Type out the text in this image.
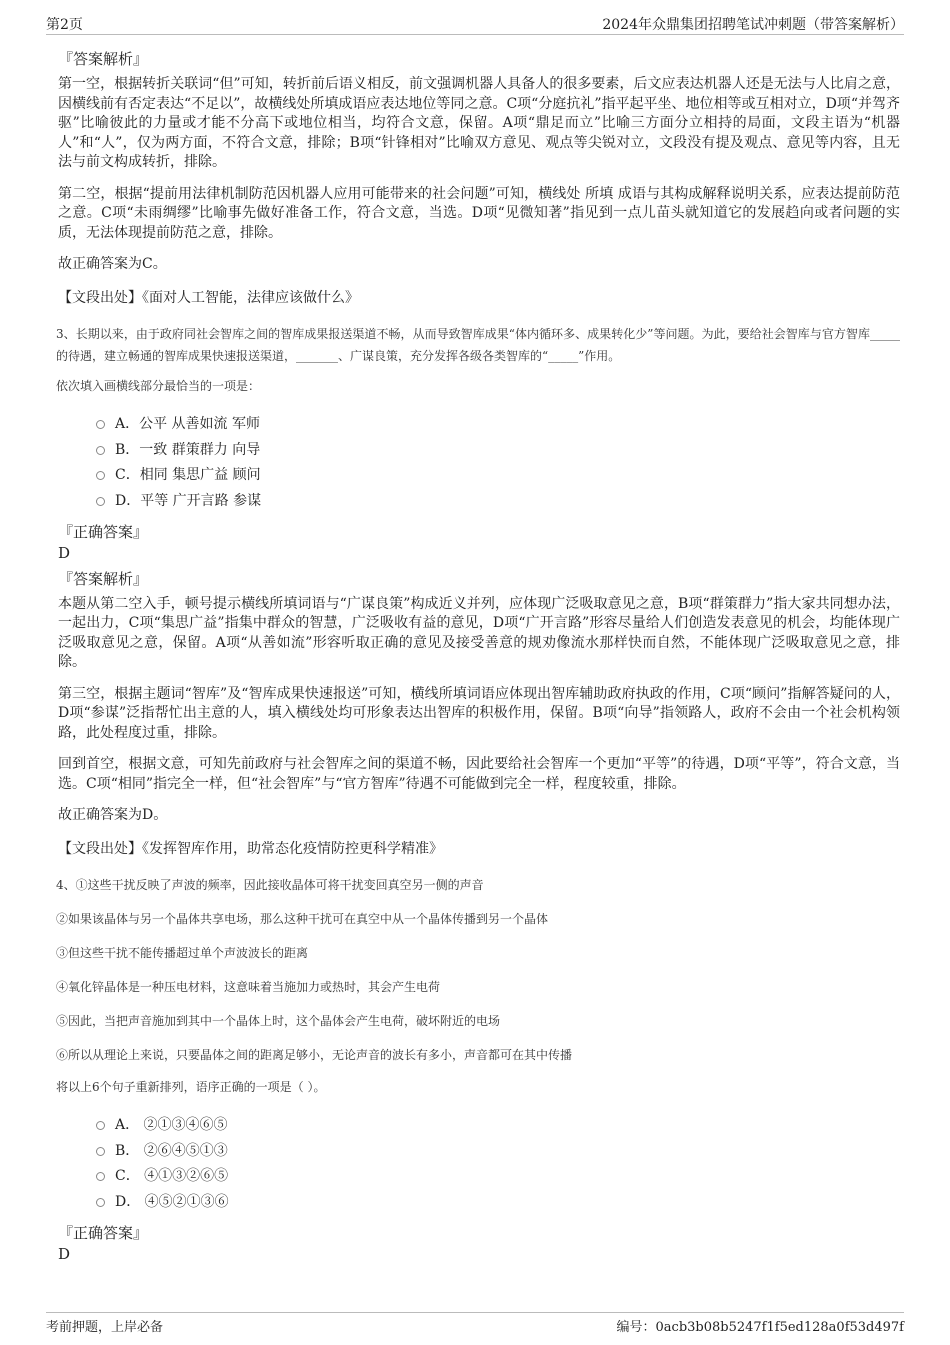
第2页	2024年众鼎集团招聘笔试冲刺题（带答案解析）
『答案解析』

第一空，根据转折关联词“但”可知，转折前后语义相反，前文强调机器人具备人的很多要素，后文应表达机器人还是无法与人比肩之意，因横线前有否定表达“不足以”，故横线处所填成语应表达地位等同之意。C项“分庭抗礼”指平起平坐、地位相等或互相对立，D项“并驾齐驱”比喻彼此的力量或才能不分高下或地位相当，均符合文意，保留。A项“鼎足而立”比喻三方面分立相持的局面，文段主语为“机器人”和“人”，仅为两方面，不符合文意，排除；B项“针锋相对”比喻双方意见、观点等尖锐对立，文段没有提及观点、意见等内容，且无法与前文构成转折，排除。

第二空，根据“提前用法律机制防范因机器人应用可能带来的社会问题”可知，横线处 所填 成语与其构成解释说明关系，应表达提前防范之意。C项“未雨绸缪”比喻事先做好准备工作，符合文意，当选。D项“见微知著”指见到一点儿苗头就知道它的发展趋向或者问题的实质，无法体现提前防范之意，排除。

故正确答案为C。

【文段出处】《面对人工智能，法律应该做什么》
3、长期以来，由于政府同社会智库之间的智库成果报送渠道不畅，从而导致智库成果“体内循环多、成果转化少”等问题。为此，要给社会智库与官方智库_____的待遇，建立畅通的智库成果快速报送渠道，_______、广谋良策，充分发挥各级各类智库的“_____”作用。
依次填入画横线部分最恰当的一项是：
A．公平 从善如流 军师
B．一致 群策群力 向导
C．相同 集思广益 顾问
D．平等 广开言路 参谋
『正确答案』
D
『答案解析』

本题从第二空入手，顿号提示横线所填词语与“广谋良策”构成近义并列，应体现广泛吸取意见之意，B项“群策群力”指大家共同想办法，一起出力，C项“集思广益”指集中群众的智慧，广泛吸收有益的意见，D项“广开言路”形容尽量给人们创造发表意见的机会，均能体现广泛吸取意见之意，保留。A项“从善如流”形容听取正确的意见及接受善意的规劝像流水那样快而自然，不能体现广泛吸取意见之意，排除。

第三空，根据主题词“智库”及“智库成果快速报送”可知，横线所填词语应体现出智库辅助政府执政的作用，C项“顾问”指解答疑问的人，D项“参谋”泛指帮忙出主意的人，填入横线处均可形象表达出智库的积极作用，保留。B项“向导”指领路人，政府不会由一个社会机构领路，此处程度过重，排除。

回到首空，根据文意，可知先前政府与社会智库之间的渠道不畅，因此要给社会智库一个更加“平等”的待遇，D项“平等”，符合文意，当选。C项“相同”指完全一样，但“社会智库”与“官方智库”待遇不可能做到完全一样，程度较重，排除。

故正确答案为D。

【文段出处】《发挥智库作用，助常态化疫情防控更科学精准》
4、①这些干扰反映了声波的频率，因此接收晶体可将干扰变回真空另一侧的声音
②如果该晶体与另一个晶体共享电场，那么这种干扰可在真空中从一个晶体传播到另一个晶体
③但这些干扰不能传播超过单个声波波长的距离
④氧化锌晶体是一种压电材料，这意味着当施加力或热时，其会产生电荷
⑤因此，当把声音施加到其中一个晶体上时，这个晶体会产生电荷，破坏附近的电场
⑥所以从理论上来说，只要晶体之间的距离足够小，无论声音的波长有多小，声音都可在其中传播
将以上6个句子重新排列，语序正确的一项是（ ）。
A． ②①③④⑥⑤
B． ②⑥④⑤①③
C． ④①③②⑥⑤
D． ④⑤②①③⑥
『正确答案』
D
考前押题，上岸必备	编号：0acb3b08b5247f1f5ed128a0f53d497f
